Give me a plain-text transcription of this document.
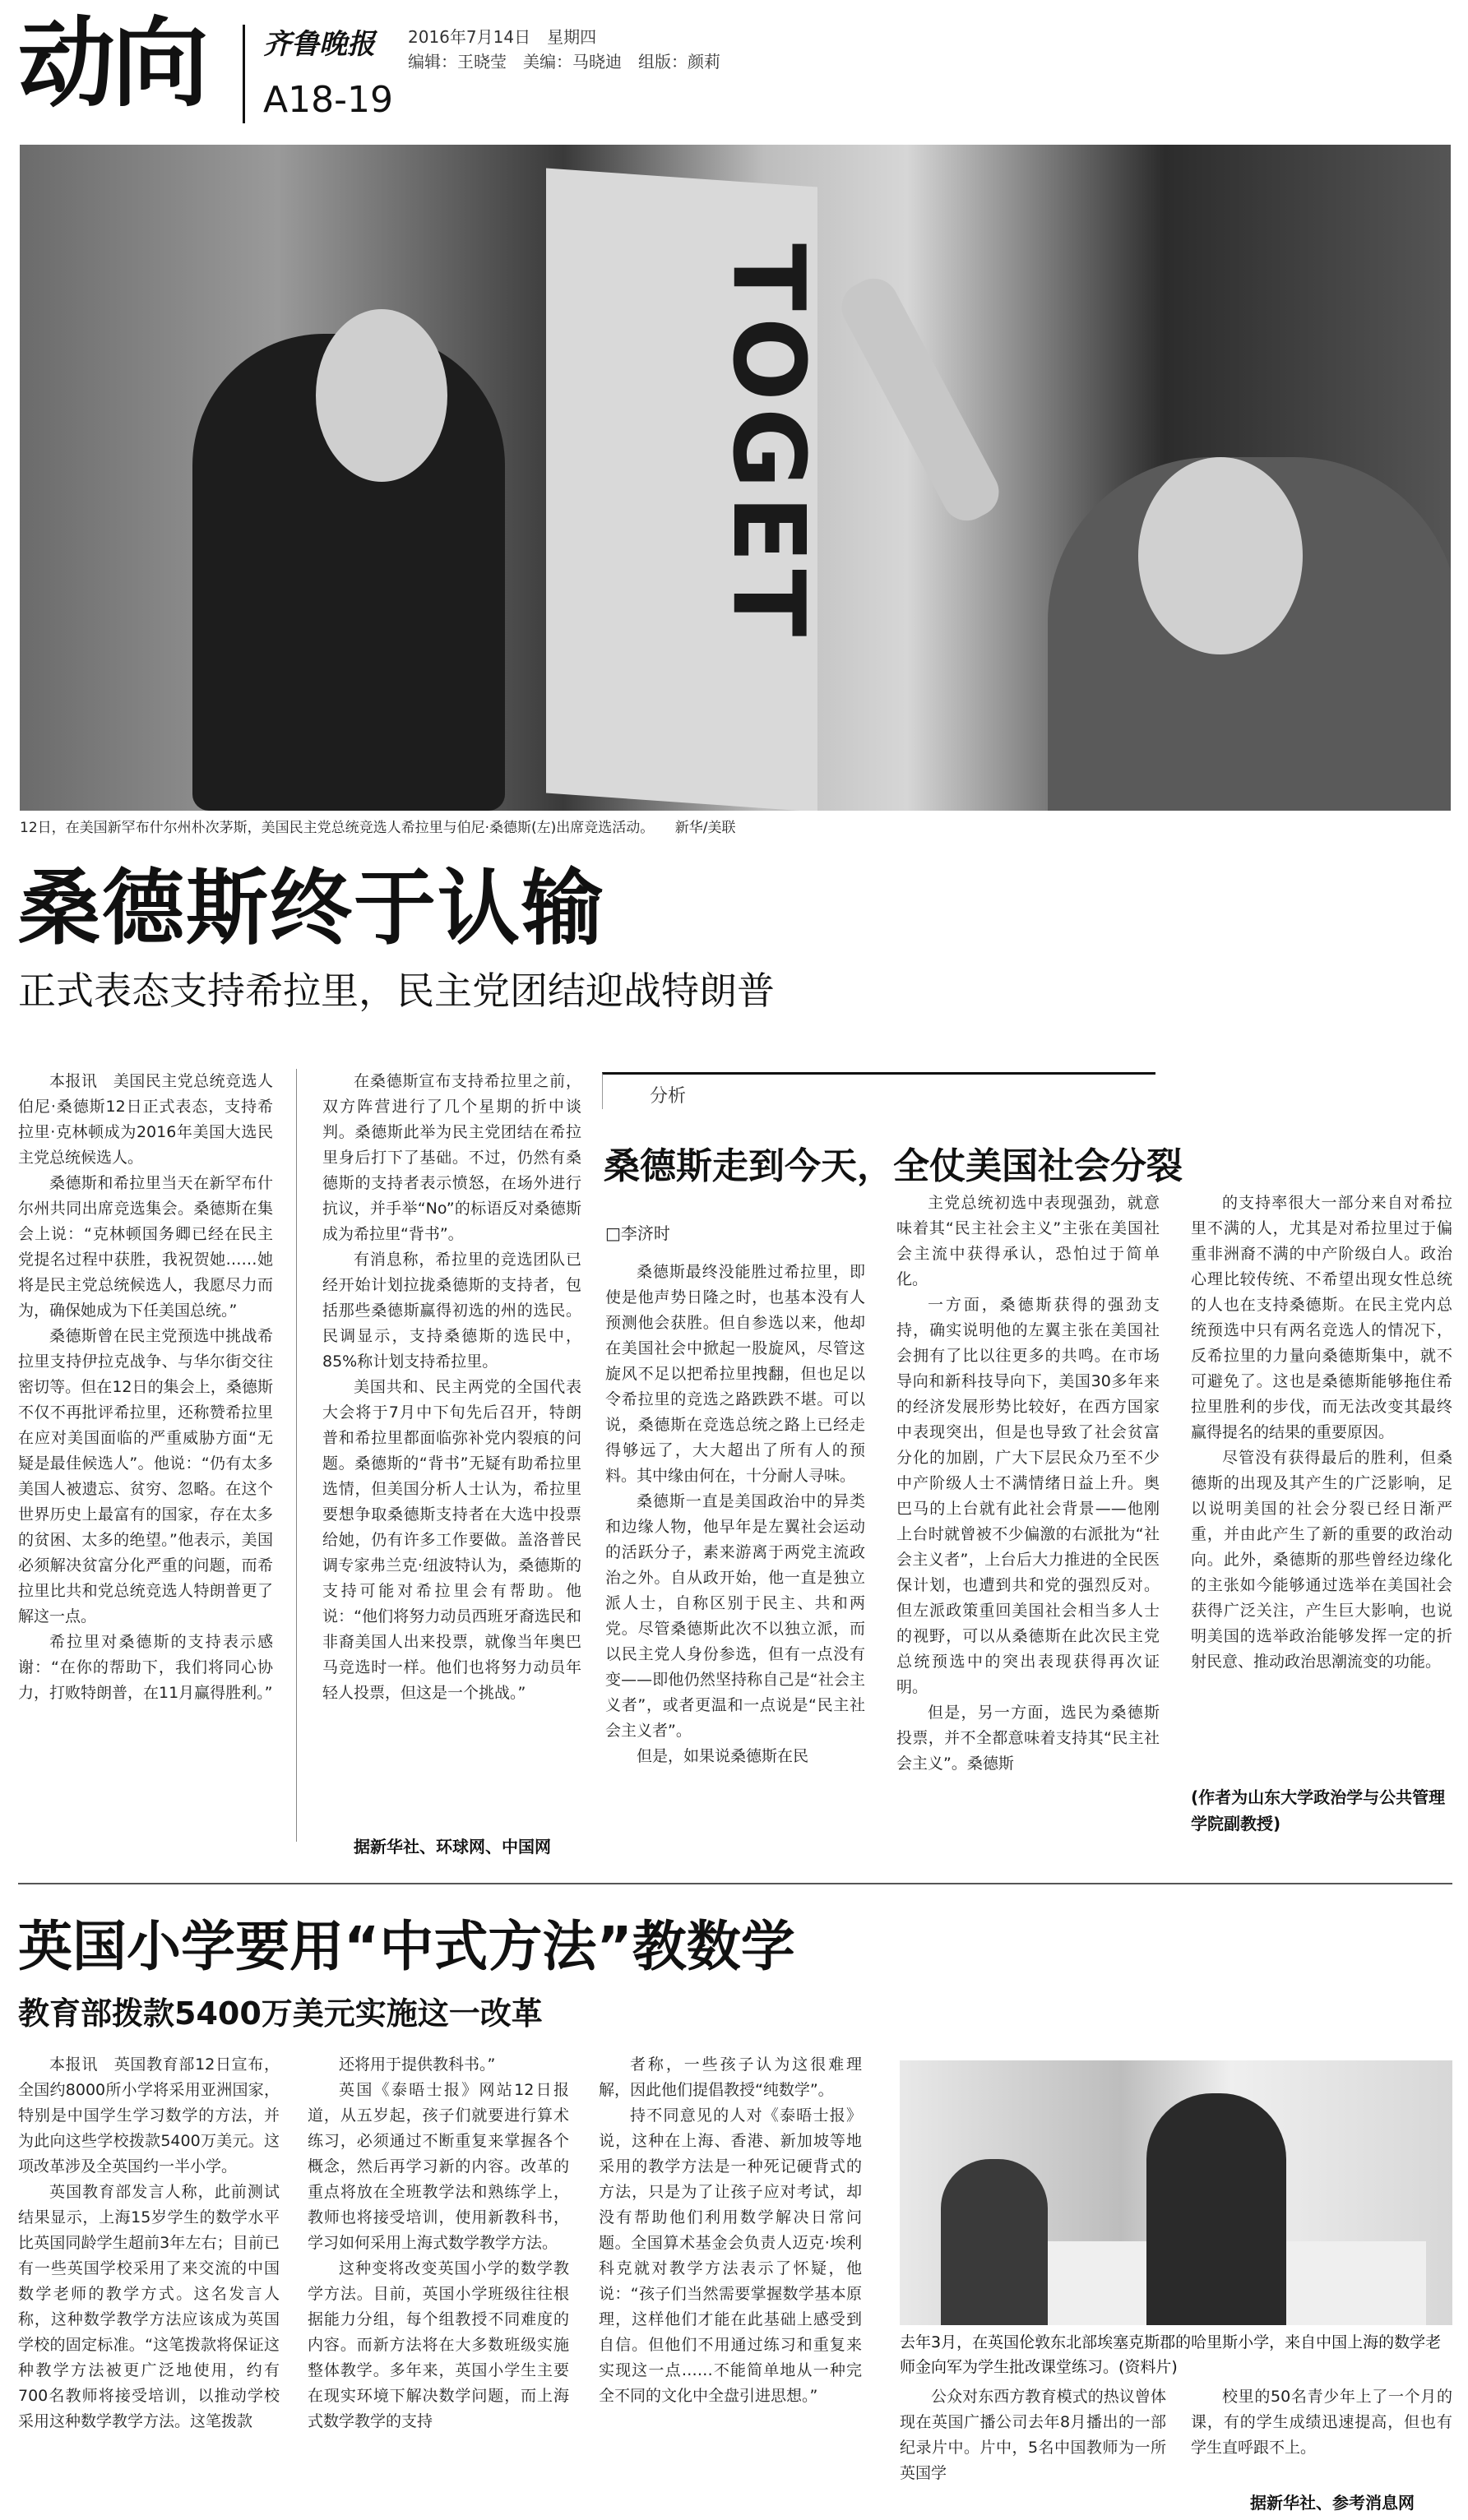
动向 齐鲁晚报 2016年7月14日　星期四
编辑：王晓莹　美编：马晓迪　组版：颜莉
A18-19
TOGET
12日，在美国新罕布什尔州朴次茅斯，美国民主党总统竞选人希拉里与伯尼·桑德斯(左)出席竞选活动。　　新华/美联
桑德斯终于认输
正式表态支持希拉里，民主党团结迎战特朗普

本报讯　美国民主党总统竞选人伯尼·桑德斯12日正式表态，支持希拉里·克林顿成为2016年美国大选民主党总统候选人。

桑德斯和希拉里当天在新罕布什尔州共同出席竞选集会。桑德斯在集会上说：“克林顿国务卿已经在民主党提名过程中获胜，我祝贺她……她将是民主党总统候选人，我愿尽力而为，确保她成为下任美国总统。”

桑德斯曾在民主党预选中挑战希拉里支持伊拉克战争、与华尔街交往密切等。但在12日的集会上，桑德斯不仅不再批评希拉里，还称赞希拉里在应对美国面临的严重威胁方面“无疑是最佳候选人”。他说：“仍有太多美国人被遗忘、贫穷、忽略。在这个世界历史上最富有的国家，存在太多的贫困、太多的绝望。”他表示，美国必须解决贫富分化严重的问题，而希拉里比共和党总统竞选人特朗普更了解这一点。

希拉里对桑德斯的支持表示感谢：“在你的帮助下，我们将同心协力，打败特朗普，在11月赢得胜利。”

在桑德斯宣布支持希拉里之前，双方阵营进行了几个星期的折中谈判。桑德斯此举为民主党团结在希拉里身后打下了基础。不过，仍然有桑德斯的支持者表示愤怒，在场外进行抗议，并手举“No”的标语反对桑德斯成为希拉里“背书”。

有消息称，希拉里的竞选团队已经开始计划拉拢桑德斯的支持者，包括那些桑德斯赢得初选的州的选民。民调显示，支持桑德斯的选民中，85%称计划支持希拉里。

美国共和、民主两党的全国代表大会将于7月中下旬先后召开，特朗普和希拉里都面临弥补党内裂痕的问题。桑德斯的“背书”无疑有助希拉里选情，但美国分析人士认为，希拉里要想争取桑德斯支持者在大选中投票给她，仍有许多工作要做。盖洛普民调专家弗兰克·纽波特认为，桑德斯的支持可能对希拉里会有帮助。他说：“他们将努力动员西班牙裔选民和非裔美国人出来投票，就像当年奥巴马竞选时一样。他们也将努力动员年轻人投票，但这是一个挑战。”

据新华社、环球网、中国网
分析
桑德斯走到今天，全仗美国社会分裂
□李济时

桑德斯最终没能胜过希拉里，即使是他声势日隆之时，也基本没有人预测他会获胜。但自参选以来，他却在美国社会中掀起一股旋风，尽管这旋风不足以把希拉里拽翻，但也足以令希拉里的竞选之路跌跌不堪。可以说，桑德斯在竞选总统之路上已经走得够远了，大大超出了所有人的预料。其中缘由何在，十分耐人寻味。

桑德斯一直是美国政治中的异类和边缘人物，他早年是左翼社会运动的活跃分子，素来游离于两党主流政治之外。自从政开始，他一直是独立派人士，自称区别于民主、共和两党。尽管桑德斯此次不以独立派，而以民主党人身份参选，但有一点没有变——即他仍然坚持称自己是“社会主义者”，或者更温和一点说是“民主社会主义者”。

但是，如果说桑德斯在民

主党总统初选中表现强劲，就意味着其“民主社会主义”主张在美国社会主流中获得承认，恐怕过于简单化。

一方面，桑德斯获得的强劲支持，确实说明他的左翼主张在美国社会拥有了比以往更多的共鸣。在市场导向和新科技导向下，美国30多年来的经济发展形势比较好，在西方国家中表现突出，但是也导致了社会贫富分化的加剧，广大下层民众乃至不少中产阶级人士不满情绪日益上升。奥巴马的上台就有此社会背景——他刚上台时就曾被不少偏激的右派批为“社会主义者”，上台后大力推进的全民医保计划，也遭到共和党的强烈反对。但左派政策重回美国社会相当多人士的视野，可以从桑德斯在此次民主党总统预选中的突出表现获得再次证明。

但是，另一方面，选民为桑德斯投票，并不全都意味着支持其“民主社会主义”。桑德斯

的支持率很大一部分来自对希拉里不满的人，尤其是对希拉里过于偏重非洲裔不满的中产阶级白人。政治心理比较传统、不希望出现女性总统的人也在支持桑德斯。在民主党内总统预选中只有两名竞选人的情况下，反希拉里的力量向桑德斯集中，就不可避免了。这也是桑德斯能够拖住希拉里胜利的步伐，而无法改变其最终赢得提名的结果的重要原因。

尽管没有获得最后的胜利，但桑德斯的出现及其产生的广泛影响，足以说明美国的社会分裂已经日渐严重，并由此产生了新的重要的政治动向。此外，桑德斯的那些曾经边缘化的主张如今能够通过选举在美国社会获得广泛关注，产生巨大影响，也说明美国的选举政治能够发挥一定的折射民意、推动政治思潮流变的功能。

(作者为山东大学政治学与公共管理学院副教授)
英国小学要用“中式方法”教数学
教育部拨款5400万美元实施这一改革

本报讯　英国教育部12日宣布，全国约8000所小学将采用亚洲国家，特别是中国学生学习数学的方法，并为此向这些学校拨款5400万美元。这项改革涉及全英国约一半小学。

英国教育部发言人称，此前测试结果显示，上海15岁学生的数学水平比英国同龄学生超前3年左右；目前已有一些英国学校采用了来交流的中国数学老师的教学方式。这名发言人称，这种数学教学方法应该成为英国学校的固定标准。“这笔拨款将保证这种教学方法被更广泛地使用，约有700名教师将接受培训，以推动学校采用这种数学教学方法。这笔拨款

还将用于提供教科书。”

英国《泰晤士报》网站12日报道，从五岁起，孩子们就要进行算术练习，必须通过不断重复来掌握各个概念，然后再学习新的内容。改革的重点将放在全班教学法和熟练学上，教师也将接受培训，使用新教科书，学习如何采用上海式数学教学方法。

这种变将改变英国小学的数学教学方法。目前，英国小学班级往往根据能力分组，每个组教授不同难度的内容。而新方法将在大多数班级实施整体教学。多年来，英国小学生主要在现实环境下解决数学问题，而上海式数学教学的支持

者称，一些孩子认为这很难理解，因此他们提倡教授“纯数学”。

持不同意见的人对《泰晤士报》说，这种在上海、香港、新加坡等地采用的教学方法是一种死记硬背式的方法，只是为了让孩子应对考试，却没有帮助他们利用数学解决日常问题。全国算术基金会负责人迈克·埃利科克就对教学方法表示了怀疑，他说：“孩子们当然需要掌握数学基本原理，这样他们才能在此基础上感受到自信。但他们不用通过练习和重复来实现这一点……不能简单地从一种完全不同的文化中全盘引进思想。”

去年3月，在英国伦敦东北部埃塞克斯郡的哈里斯小学，来自中国上海的数学老师金向军为学生批改课堂练习。(资料片)

公众对东西方教育模式的热议曾体现在英国广播公司去年8月播出的一部纪录片中。片中，5名中国教师为一所英国学

校里的50名青少年上了一个月的课，有的学生成绩迅速提高，但也有学生直呼跟不上。

据新华社、参考消息网
